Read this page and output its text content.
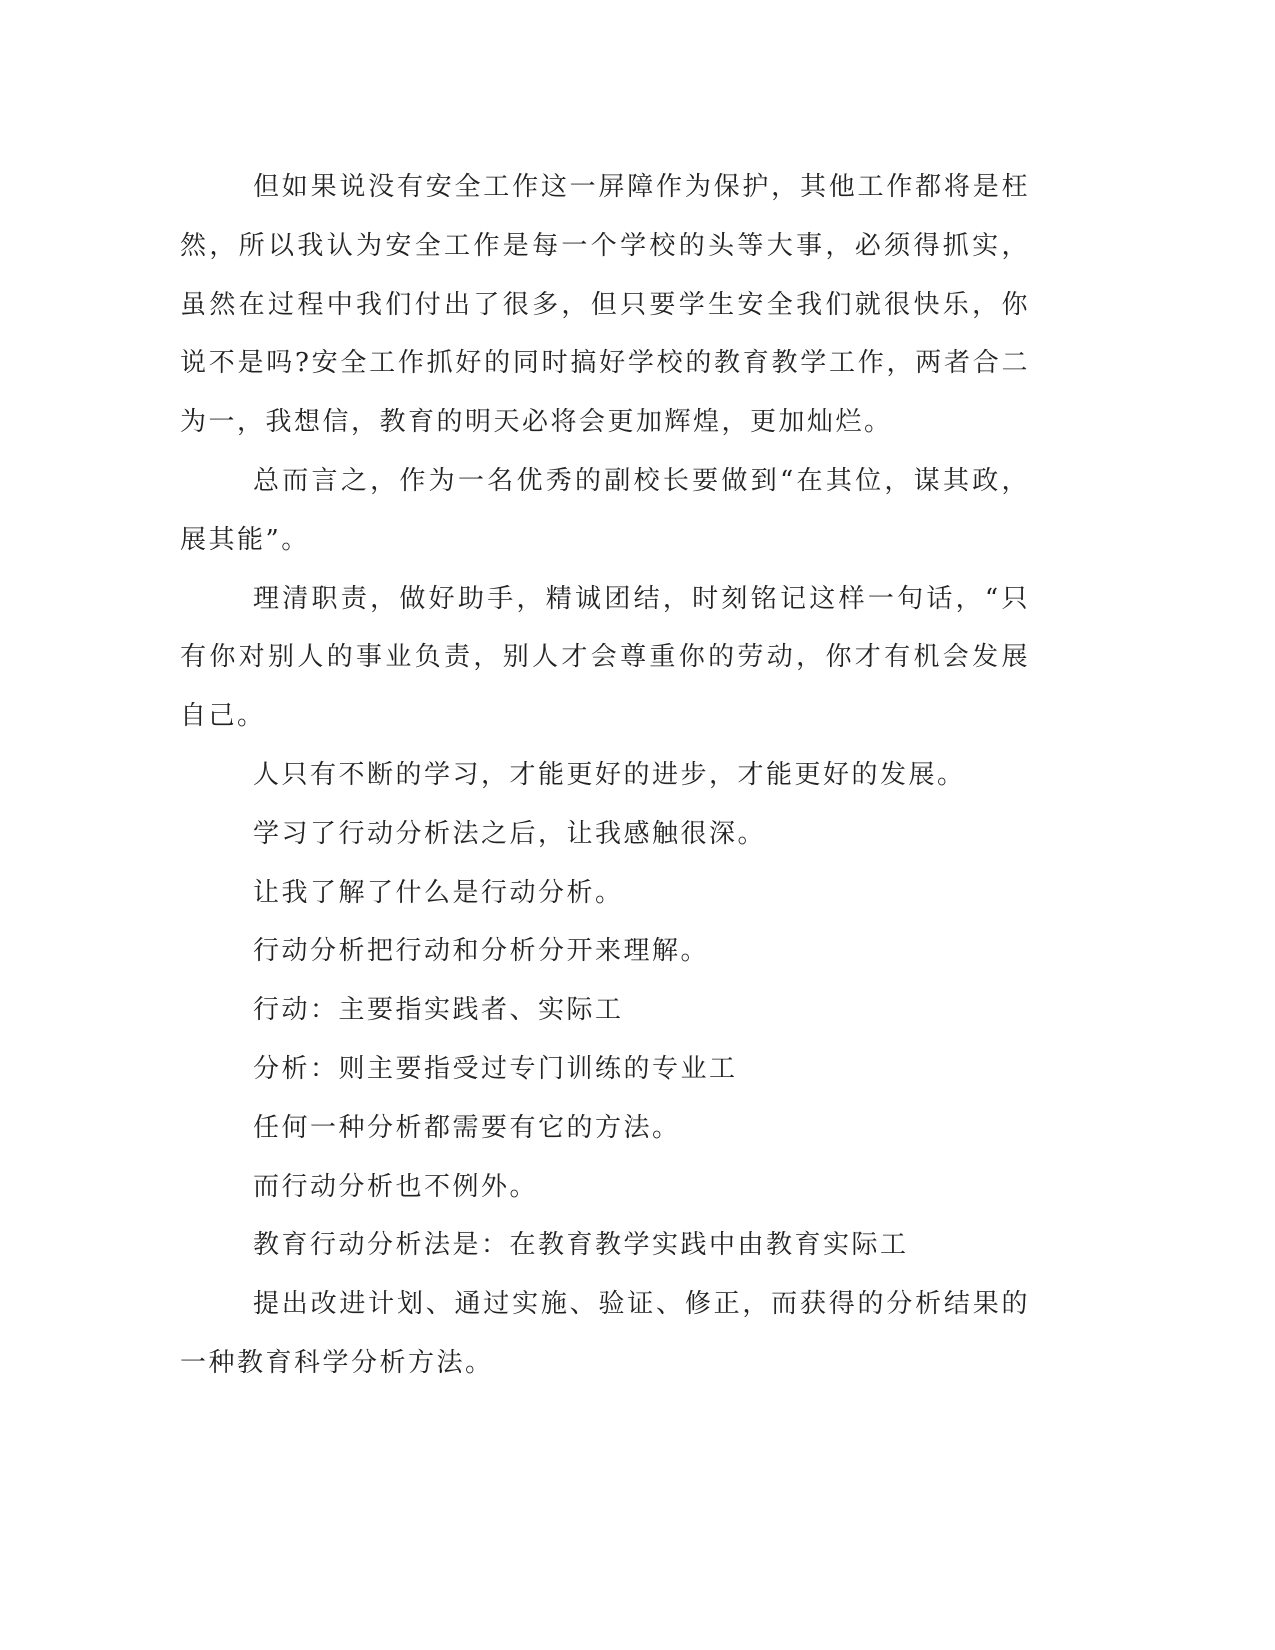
但如果说没有安全工作这一屏障作为保护，其他工作都将是枉然，所以我认为安全工作是每一个学校的头等大事，必须得抓实，虽然在过程中我们付出了很多，但只要学生安全我们就很快乐，你说不是吗?安全工作抓好的同时搞好学校的教育教学工作，两者合二为一，我想信，教育的明天必将会更加辉煌，更加灿烂。

总而言之，作为一名优秀的副校长要做到“在其位，谋其政，展其能”。

理清职责，做好助手，精诚团结，时刻铭记这样一句话，“只有你对别人的事业负责，别人才会尊重你的劳动，你才有机会发展自己。

人只有不断的学习，才能更好的进步，才能更好的发展。

学习了行动分析法之后，让我感触很深。

让我了解了什么是行动分析。

行动分析把行动和分析分开来理解。

行动：主要指实践者、实际工

分析：则主要指受过专门训练的专业工

任何一种分析都需要有它的方法。

而行动分析也不例外。

教育行动分析法是：在教育教学实践中由教育实际工

提出改进计划、通过实施、验证、修正，而获得的分析结果的一种教育科学分析方法。
